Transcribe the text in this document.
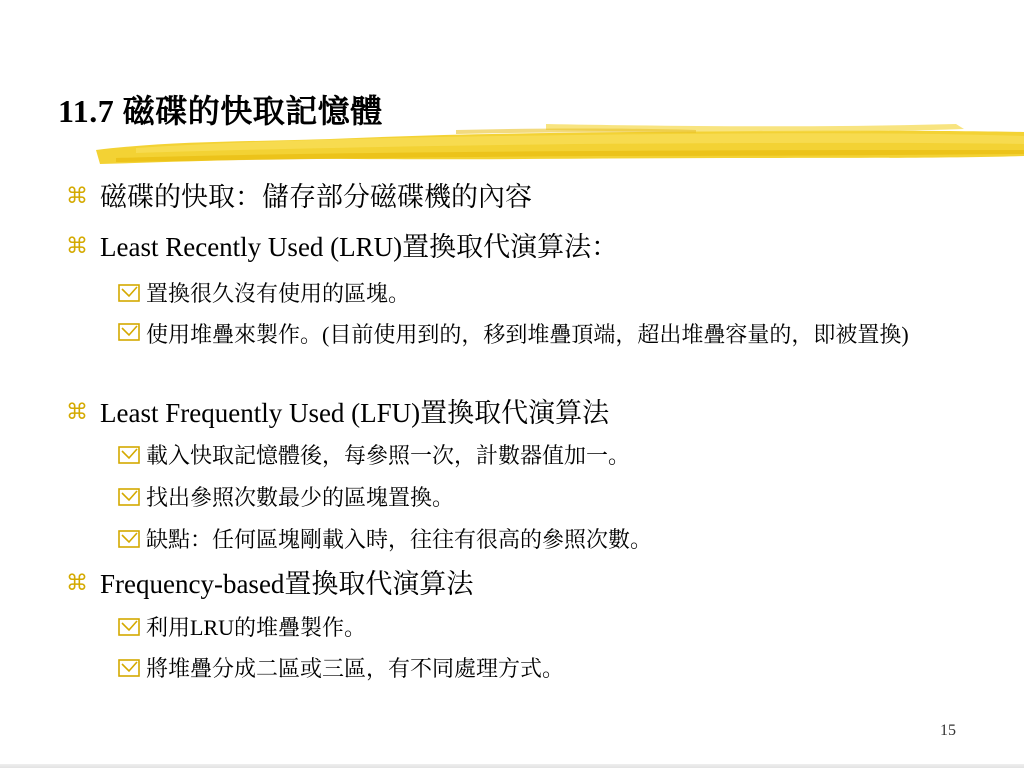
11.7 磁碟的快取記憶體
⌘ 磁碟的快取：儲存部分磁碟機的內容
⌘ Least Recently Used (LRU)置換取代演算法：
置換很久沒有使用的區塊。
使用堆疊來製作。(目前使用到的，移到堆疊頂端，超出堆疊容量的，即被置換)
⌘ Least Frequently Used (LFU)置換取代演算法
載入快取記憶體後，每參照一次，計數器值加一。
找出參照次數最少的區塊置換。
缺點：任何區塊剛載入時，往往有很高的參照次數。
⌘ Frequency-based置換取代演算法
利用LRU的堆疊製作。
將堆疊分成二區或三區，有不同處理方式。
15
